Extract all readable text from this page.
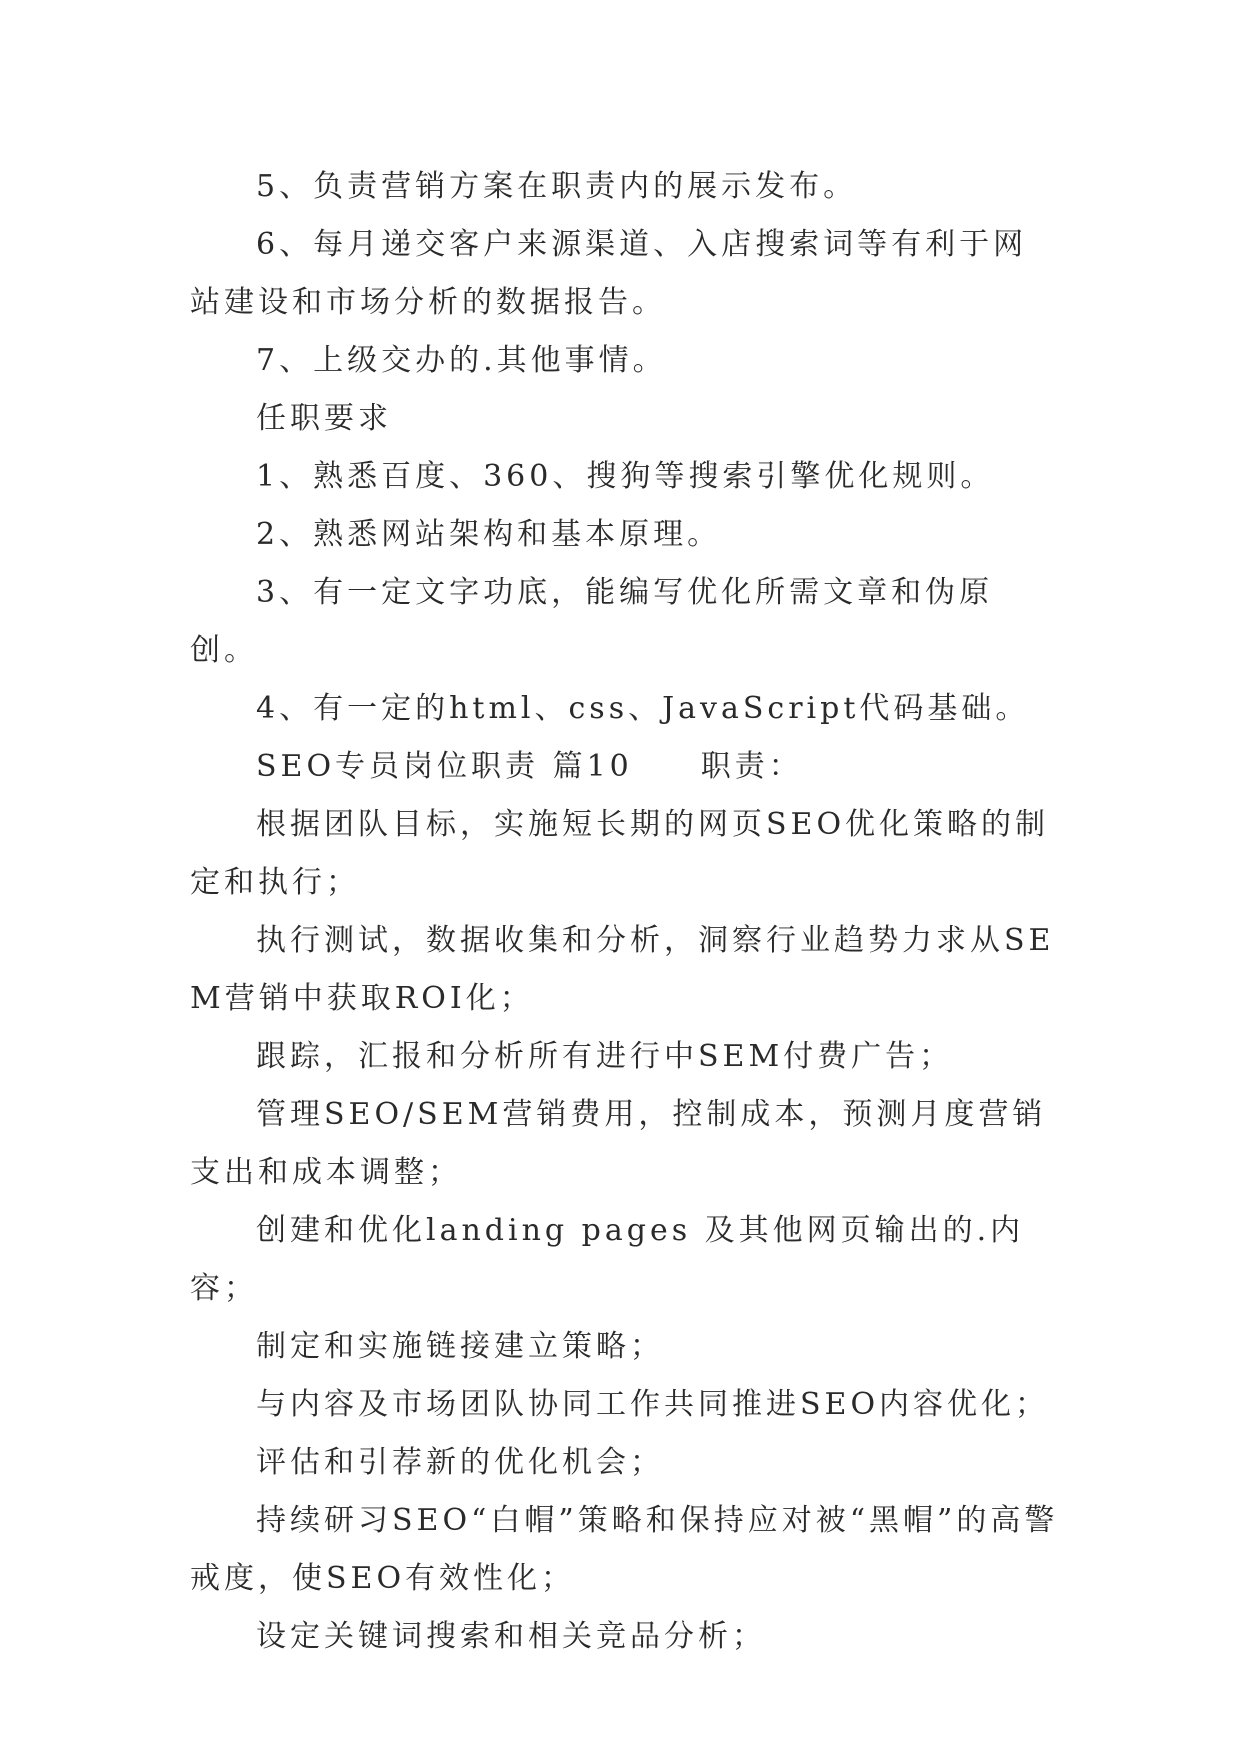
5、负责营销方案在职责内的展示发布。

6、每月递交客户来源渠道、入店搜索词等有利于网站建设和市场分析的数据报告。

7、上级交办的.其他事情。

任职要求

1、熟悉百度、360、搜狗等搜索引擎优化规则。

2、熟悉网站架构和基本原理。

3、有一定文字功底，能编写优化所需文章和伪原创。

4、有一定的html、css、JavaScript代码基础。

SEO专员岗位职责 篇10　　职责：

根据团队目标，实施短长期的网页SEO优化策略的制定和执行；

执行测试，数据收集和分析，洞察行业趋势力求从SEM营销中获取ROI化；

跟踪，汇报和分析所有进行中SEM付费广告；

管理SEO/SEM营销费用，控制成本，预测月度营销支出和成本调整；

创建和优化landing pages 及其他网页输出的.内容；

制定和实施链接建立策略；

与内容及市场团队协同工作共同推进SEO内容优化；

评估和引荐新的优化机会；

持续研习SEO“白帽”策略和保持应对被“黑帽”的高警戒度，使SEO有效性化；

设定关键词搜索和相关竞品分析；
